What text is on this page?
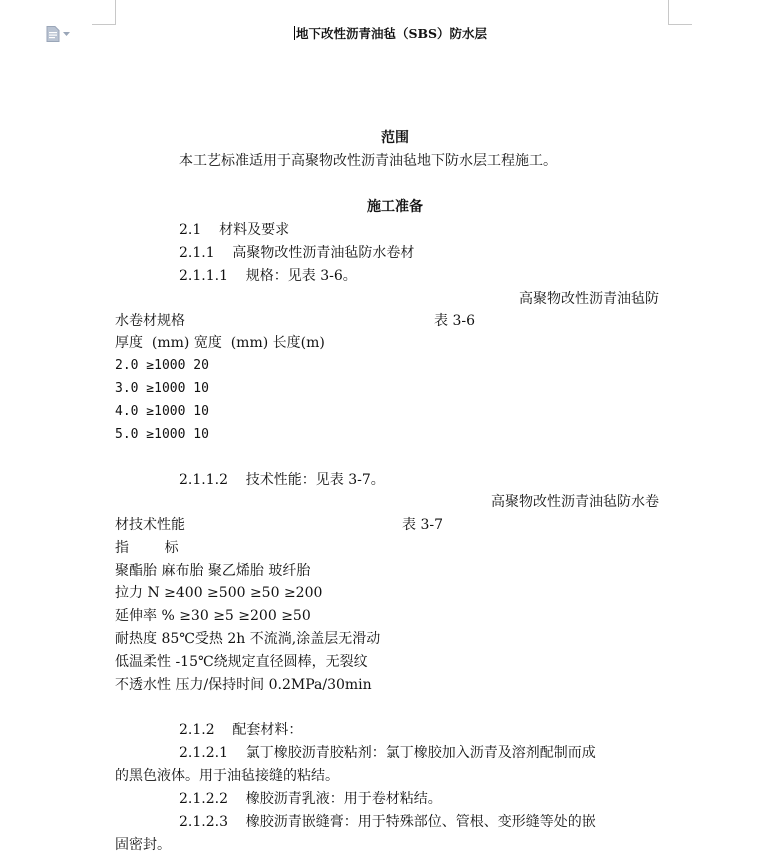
地下改性沥青油毡（SBS）防水层
范围
本工艺标准适用于高聚物改性沥青油毡地下防水层工程施工。
施工准备
2.1    材料及要求
2.1.1    高聚物改性沥青油毡防水卷材
2.1.1.1    规格：见表 3-6。
高聚物改性沥青油毡防
水卷材规格	表 3-6
厚度  (mm) 宽度  (mm) 长度(m)
2.0 ≥1000 20
3.0 ≥1000 10
4.0 ≥1000 10
5.0 ≥1000 10
2.1.1.2    技术性能：见表 3-7。
高聚物改性沥青油毡防水卷
材技术性能	表 3-7
指        标
聚酯胎 麻布胎 聚乙烯胎 玻纤胎
拉力 N ≥400 ≥500 ≥50 ≥200
延伸率 % ≥30 ≥5 ≥200 ≥50
耐热度 85℃受热 2h 不流淌,涂盖层无滑动
低温柔性 -15℃绕规定直径圆棒，无裂纹
不透水性 压力/保持时间 0.2MPa/30min
2.1.2    配套材料：
2.1.2.1    氯丁橡胶沥青胶粘剂：氯丁橡胶加入沥青及溶剂配制而成
的黑色液体。用于油毡接缝的粘结。
2.1.2.2    橡胶沥青乳液：用于卷材粘结。
2.1.2.3    橡胶沥青嵌缝膏：用于特殊部位、管根、变形缝等处的嵌
固密封。
